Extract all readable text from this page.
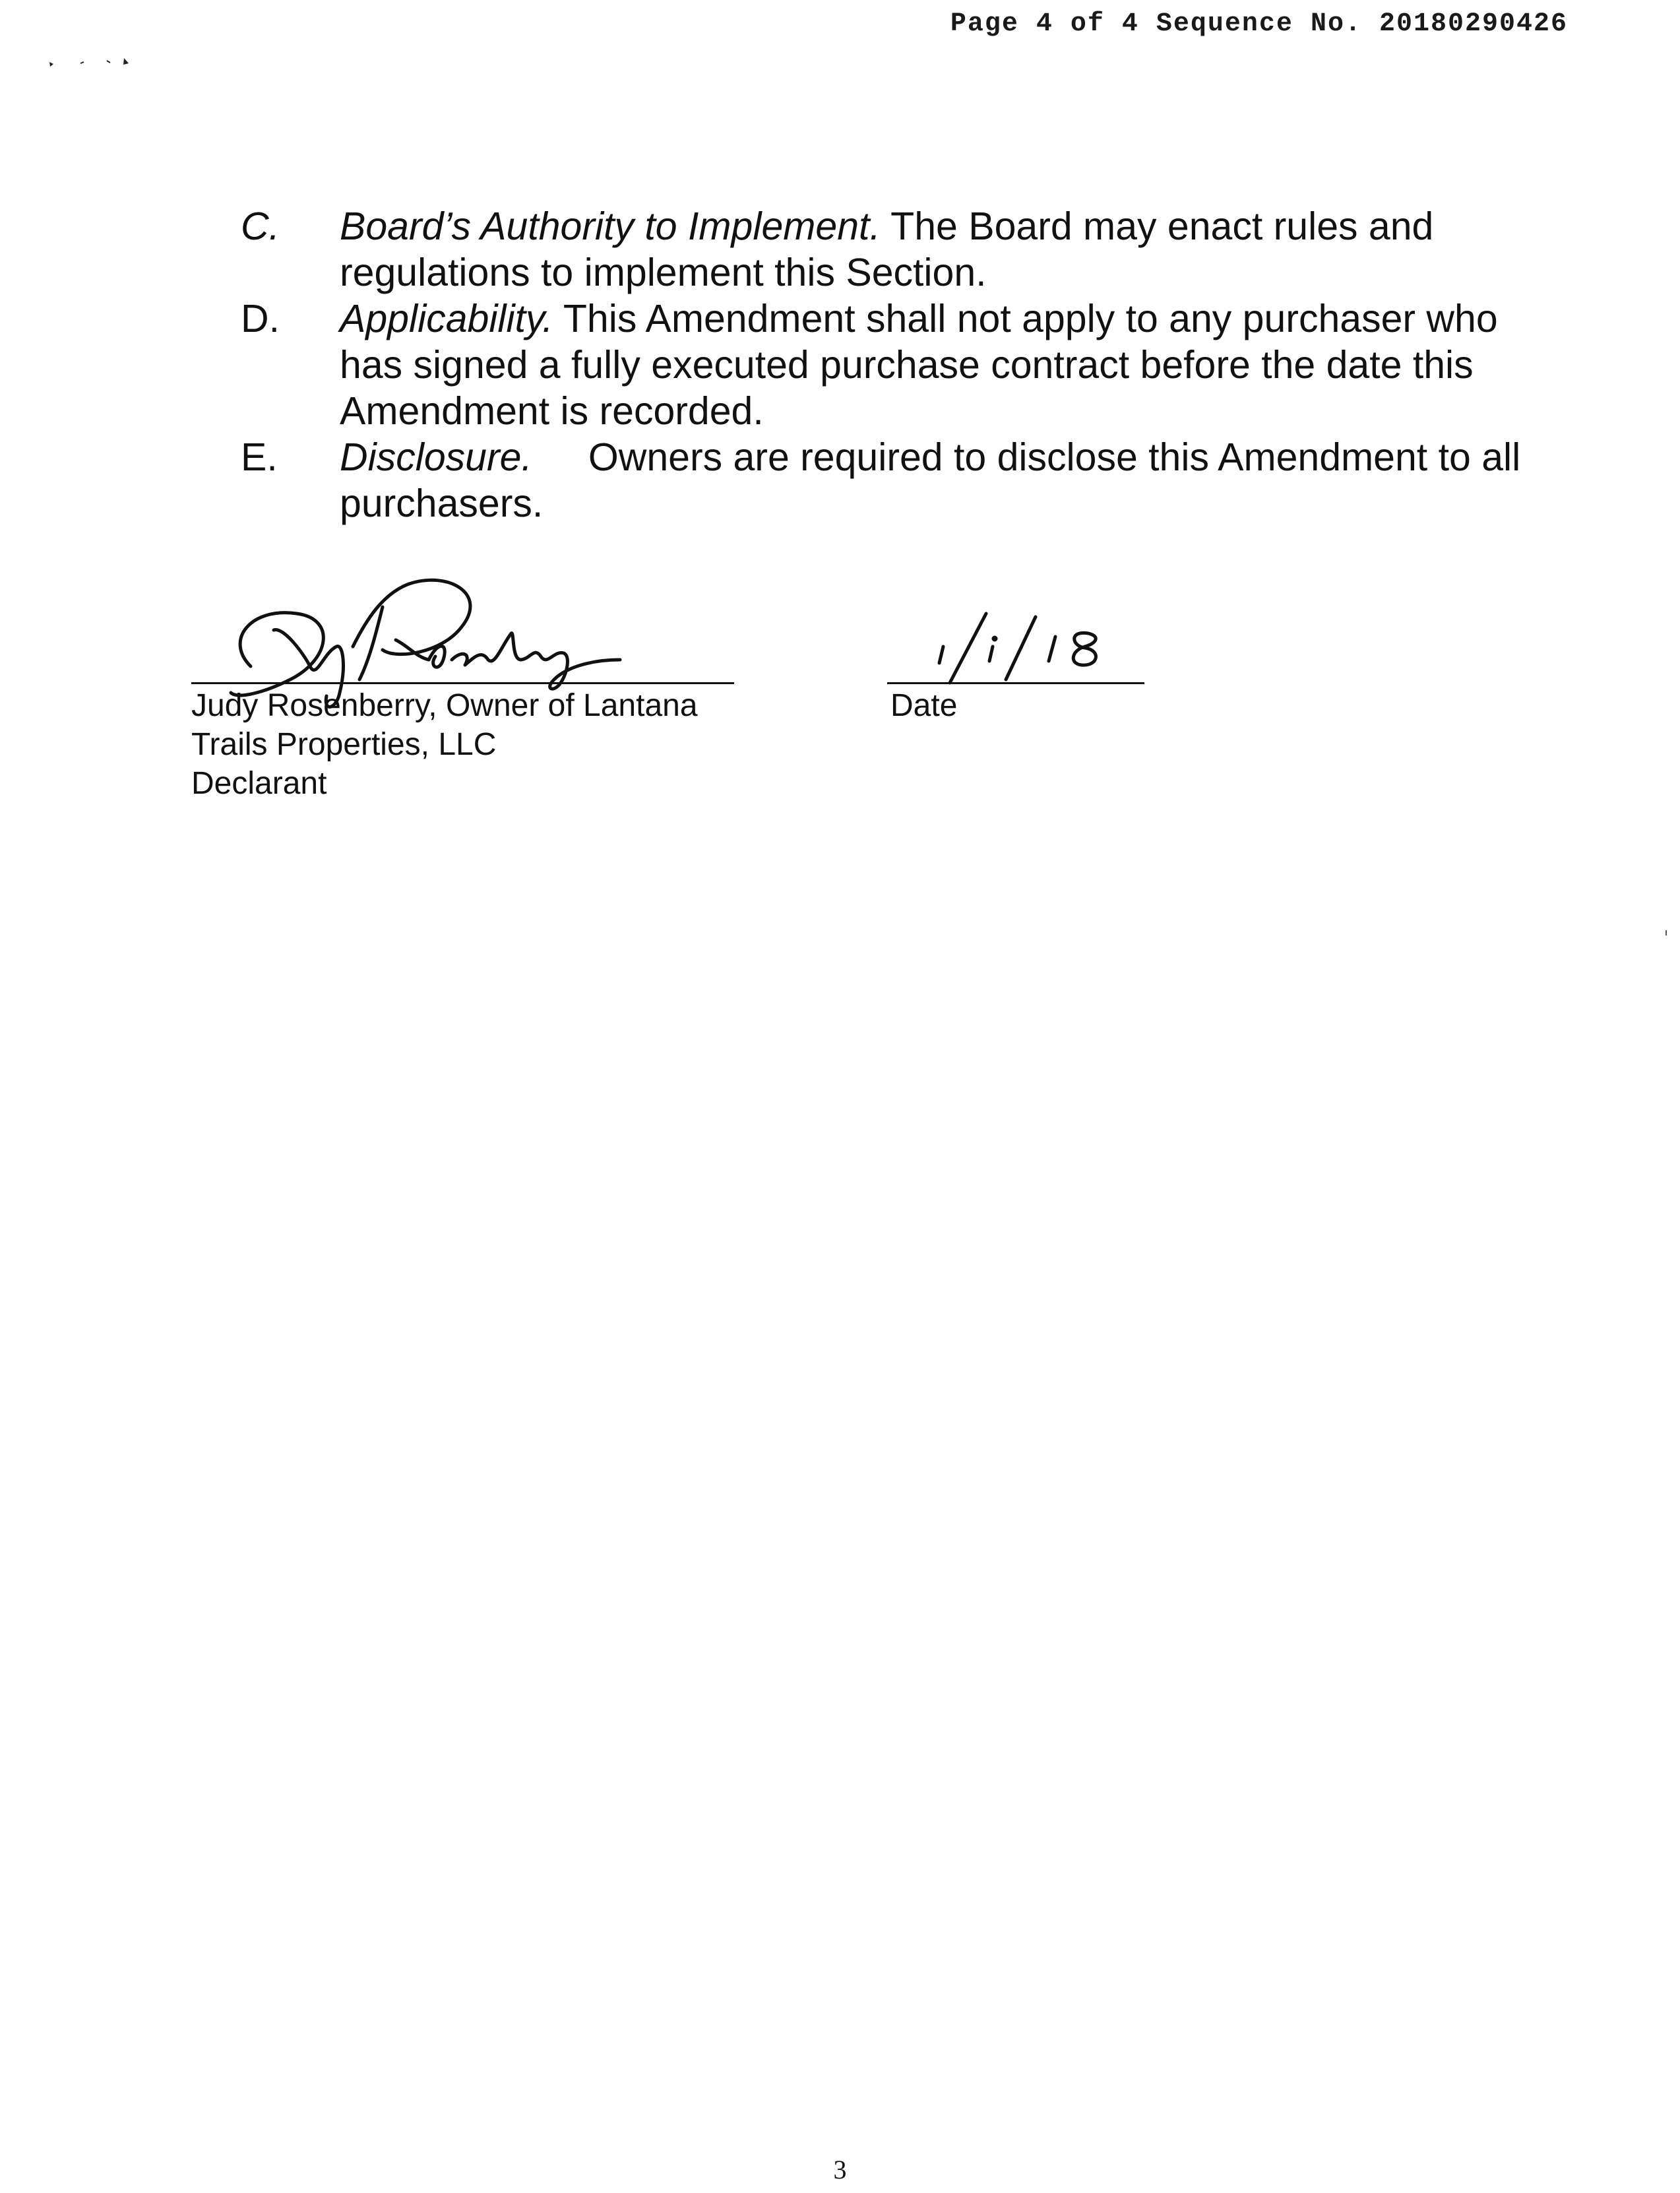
Page 4 of 4 Sequence No. 20180290426
C. Board’s Authority to Implement. The Board may enact rules and regulations to implement this Section.
D. Applicability. This Amendment shall not apply to any purchaser who has signed a fully executed purchase contract before the date this Amendment is recorded.
E. Disclosure. Owners are required to disclose this Amendment to all purchasers.
Judy Rosenberry, Owner of Lantana
Trails Properties, LLC
Declarant
Date
3
